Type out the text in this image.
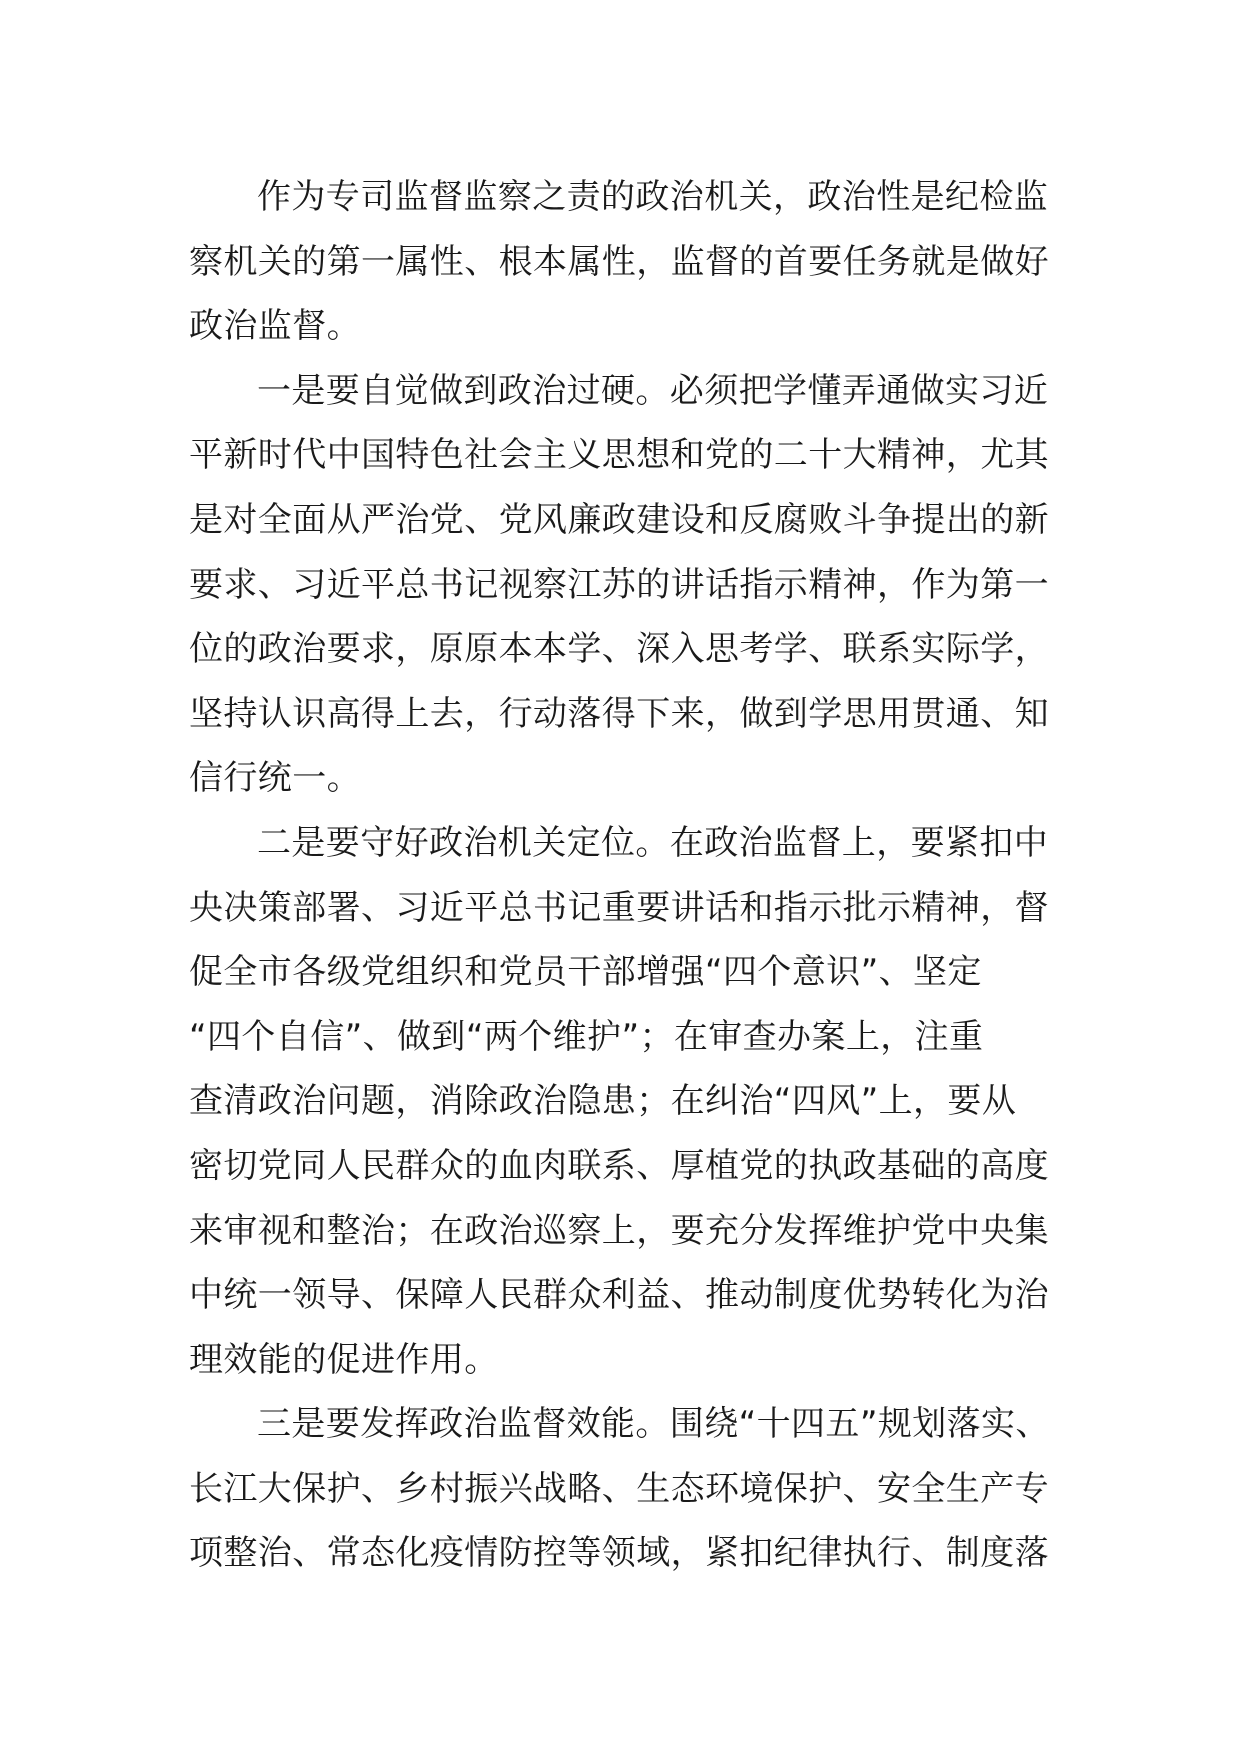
作为专司监督监察之责的政治机关，政治性是纪检监
察机关的第一属性、根本属性，监督的首要任务就是做好
政治监督。

一是要自觉做到政治过硬。必须把学懂弄通做实习近
平新时代中国特色社会主义思想和党的二十大精神，尤其
是对全面从严治党、党风廉政建设和反腐败斗争提出的新
要求、习近平总书记视察江苏的讲话指示精神，作为第一
位的政治要求，原原本本学、深入思考学、联系实际学，
坚持认识高得上去，行动落得下来，做到学思用贯通、知
信行统一。

二是要守好政治机关定位。在政治监督上，要紧扣中
央决策部署、习近平总书记重要讲话和指示批示精神，督
促全市各级党组织和党员干部增强“四个意识”、坚定
“四个自信”、做到“两个维护”；在审查办案上，注重
查清政治问题，消除政治隐患；在纠治“四风”上，要从
密切党同人民群众的血肉联系、厚植党的执政基础的高度
来审视和整治；在政治巡察上，要充分发挥维护党中央集
中统一领导、保障人民群众利益、推动制度优势转化为治
理效能的促进作用。

三是要发挥政治监督效能。围绕“十四五”规划落实、
长江大保护、乡村振兴战略、生态环境保护、安全生产专
项整治、常态化疫情防控等领域，紧扣纪律执行、制度落
